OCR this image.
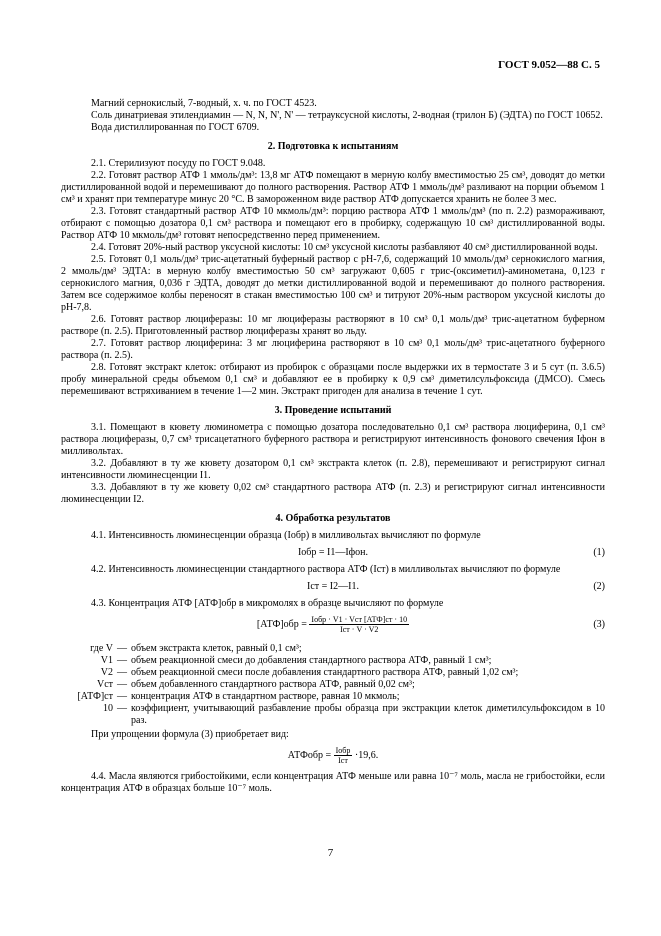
ГОСТ 9.052—88 С. 5

Магний сернокислый, 7-водный, х. ч. по ГОСТ 4523.

Соль динатриевая этилендиамин — N, N, N', N' — тетрауксусной кислоты, 2-водная (трилон Б) (ЭДТА) по ГОСТ 10652.

Вода дистиллированная по ГОСТ 6709.

2. Подготовка к испытаниям

2.1. Стерилизуют посуду по ГОСТ 9.048.

2.2. Готовят раствор АТФ 1 ммоль/дм³: 13,8 мг АТФ помещают в мерную колбу вместимостью 25 см³, доводят до метки дистиллированной водой и перемешивают до полного растворения. Раствор АТФ 1 ммоль/дм³ разливают на порции объемом 1 см³ и хранят при температуре минус 20 °С. В замороженном виде раствор АТФ допускается хранить не более 3 мес.

2.3. Готовят стандартный раствор АТФ 10 мкмоль/дм³: порцию раствора АТФ 1 ммоль/дм³ (по п. 2.2) размораживают, отбирают с помощью дозатора 0,1 см³ раствора и помещают его в пробирку, содержащую 10 см³ дистиллированной воды. Раствор АТФ 10 мкмоль/дм³ готовят непосредственно перед применением.

2.4. Готовят 20%-ный раствор уксусной кислоты: 10 см³ уксусной кислоты разбавляют 40 см³ дистиллированной воды.

2.5. Готовят 0,1 моль/дм³ трис-ацетатный буферный раствор с рН-7,6, содержащий 10 ммоль/дм³ сернокислого магния, 2 ммоль/дм³ ЭДТА: в мерную колбу вместимостью 50 см³ загружают 0,605 г трис-(оксиметил)-аминометана, 0,123 г сернокислого магния, 0,036 г ЭДТА, доводят до метки дистиллированной водой и перемешивают до полного растворения. Затем все содержимое колбы переносят в стакан вместимостью 100 см³ и титруют 20%-ным раствором уксусной кислоты до рН-7,8.

2.6. Готовят раствор люциферазы: 10 мг люциферазы растворяют в 10 см³ 0,1 моль/дм³ трис-ацетатном буферном растворе (п. 2.5). Приготовленный раствор люциферазы хранят во льду.

2.7. Готовят раствор люциферина: 3 мг люциферина растворяют в 10 см³ 0,1 моль/дм³ трис-ацетатного буферного раствора (п. 2.5).

2.8. Готовят экстракт клеток: отбирают из пробирок с образцами после выдержки их в термостате 3 и 5 сут (п. 3.6.5) пробу минеральной среды объемом 0,1 см³ и добавляют ее в пробирку к 0,9 см³ диметилсульфоксида (ДМСО). Смесь перемешивают встряхиванием в течение 1—2 мин. Экстракт пригоден для анализа в течение 1 сут.

3. Проведение испытаний

3.1. Помещают в кювету люминометра с помощью дозатора последовательно 0,1 см³ раствора люциферина, 0,1 см³ раствора люциферазы, 0,7 см³ трисацетатного буферного раствора и регистрируют интенсивность фонового свечения Iфон в милливольтах.

3.2. Добавляют в ту же кювету дозатором 0,1 см³ экстракта клеток (п. 2.8), перемешивают и регистрируют сигнал интенсивности люминесценции I1.

3.3. Добавляют в ту же кювету 0,02 см³ стандартного раствора АТФ (п. 2.3) и регистрируют сигнал интенсивности люминесценции I2.

4. Обработка результатов

4.1. Интенсивность люминесценции образца (Iобр) в милливольтах вычисляют по формуле

Iобр = I1—Iфон.	(1)

4.2. Интенсивность люминесценции стандартного раствора АТФ (Iст) в милливольтах вычисляют по формуле

Iст = I2—I1.	(2)

4.3. Концентрация АТФ [АТФ]обр в микромолях в образце вычисляют по формуле

$[АТФ]обр = \frac{\text{Iобр · V1 · Vст [АТФ]ст · 10}}{\text{Iст · V · V2}}$	(3)
где V — объем экстракта клеток, равный 0,1 см³;
V1 — объем реакционной смеси до добавления стандартного раствора АТФ, равный 1 см³;
V2 — объем реакционной смеси после добавления стандартного раствора АТФ, равный 1,02 см³;
Vст — объем добавленного стандартного раствора АТФ, равный 0,02 см³;
[АТФ]ст — концентрация АТФ в стандартном растворе, равная 10 мкмоль;
10 — коэффициент, учитывающий разбавление пробы образца при экстракции клеток диметилсульфоксидом в 10 раз.

При упрощении формула (3) приобретает вид:

АТФобр = $\frac{\text{Iобр}}{\text{Iст}} \cdot 19,6$.

4.4. Масла являются грибостойкими, если концентрация АТФ меньше или равна 10⁻⁷ моль, масла не грибостойки, если концентрация АТФ в образцах больше 10⁻⁷ моль.

7
